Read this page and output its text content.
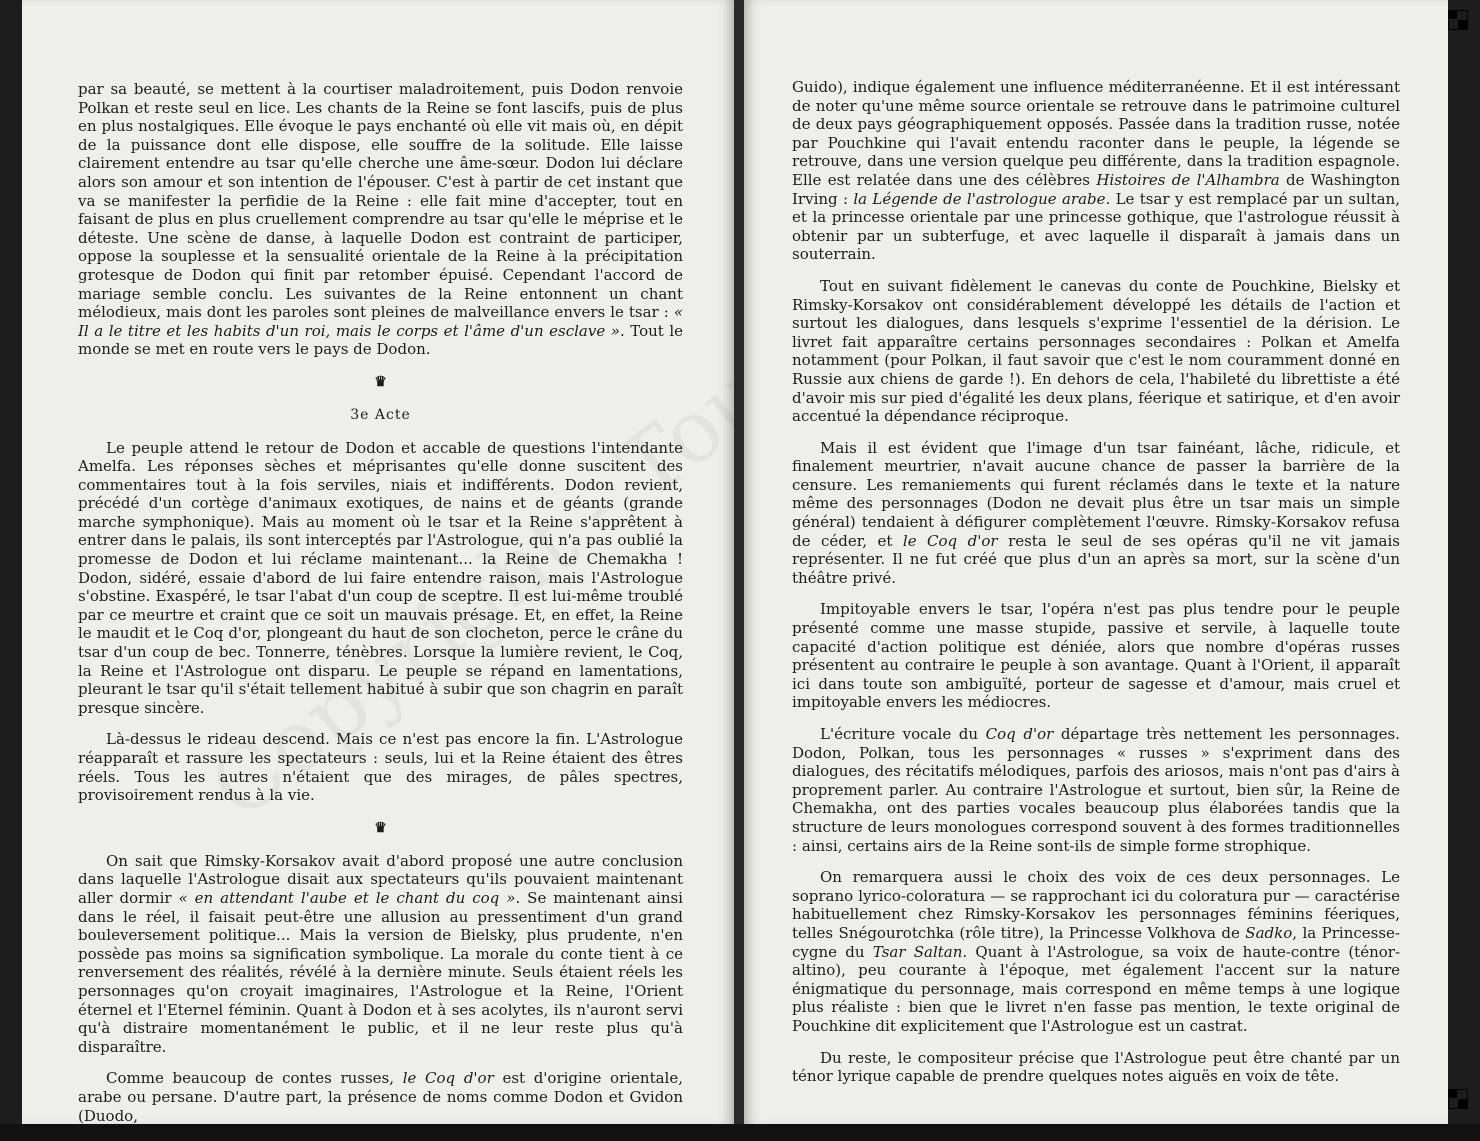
par sa beauté, se mettent à la courtiser maladroitement, puis Dodon renvoie Polkan et reste seul en lice. Les chants de la Reine se font lascifs, puis de plus en plus nostalgiques. Elle évoque le pays enchanté où elle vit mais où, en dépit de la puissance dont elle dispose, elle souffre de la solitude. Elle laisse clairement entendre au tsar qu'elle cherche une âme-sœur. Dodon lui déclare alors son amour et son intention de l'épouser. C'est à partir de cet instant que va se manifester la perfidie de la Reine : elle fait mine d'accepter, tout en faisant de plus en plus cruellement comprendre au tsar qu'elle le méprise et le déteste. Une scène de danse, à laquelle Dodon est contraint de participer, oppose la souplesse et la sensualité orientale de la Reine à la précipitation grotesque de Dodon qui finit par retomber épuisé. Cependant l'accord de mariage semble conclu. Les suivantes de la Reine entonnent un chant mélodieux, mais dont les paroles sont pleines de malveillance envers le tsar : « Il a le titre et les habits d'un roi, mais le corps et l'âme d'un esclave ». Tout le monde se met en route vers le pays de Dodon.

♛
3e Acte

Le peuple attend le retour de Dodon et accable de questions l'intendante Amelfa. Les réponses sèches et méprisantes qu'elle donne suscitent des commentaires tout à la fois serviles, niais et indifférents. Dodon revient, précédé d'un cortège d'animaux exotiques, de nains et de géants (grande marche symphonique). Mais au moment où le tsar et la Reine s'apprêtent à entrer dans le palais, ils sont interceptés par l'Astrologue, qui n'a pas oublié la promesse de Dodon et lui réclame maintenant... la Reine de Chemakha ! Dodon, sidéré, essaie d'abord de lui faire entendre raison, mais l'Astrologue s'obstine. Exaspéré, le tsar l'abat d'un coup de sceptre. Il est lui-même troublé par ce meurtre et craint que ce soit un mauvais présage. Et, en effet, la Reine le maudit et le Coq d'or, plongeant du haut de son clocheton, perce le crâne du tsar d'un coup de bec. Tonnerre, ténèbres. Lorsque la lumière revient, le Coq, la Reine et l'Astrologue ont disparu. Le peuple se répand en lamentations, pleurant le tsar qu'il s'était tellement habitué à subir que son chagrin en paraît presque sincère.

Là-dessus le rideau descend. Mais ce n'est pas encore la fin. L'Astrologue réapparaît et rassure les spectateurs : seuls, lui et la Reine étaient des êtres réels. Tous les autres n'étaient que des mirages, de pâles spectres, provisoirement rendus à la vie.

♛

On sait que Rimsky-Korsakov avait d'abord proposé une autre conclusion dans laquelle l'Astrologue disait aux spectateurs qu'ils pouvaient maintenant aller dormir « en attendant l'aube et le chant du coq ». Se maintenant ainsi dans le réel, il faisait peut-être une allusion au pressentiment d'un grand bouleversement politique... Mais la version de Bielsky, plus prudente, n'en possède pas moins sa signification symbolique. La morale du conte tient à ce renversement des réalités, révélé à la dernière minute. Seuls étaient réels les personnages qu'on croyait imaginaires, l'Astrologue et la Reine, l'Orient éternel et l'Eternel féminin. Quant à Dodon et à ses acolytes, ils n'auront servi qu'à distraire momentanément le public, et il ne leur reste plus qu'à disparaître.

Comme beaucoup de contes russes, le Coq d'or est d'origine orientale, arabe ou persane. D'autre part, la présence de noms comme Dodon et Gvidon (Duodo,

Guido), indique également une influence méditerranéenne. Et il est intéressant de noter qu'une même source orientale se retrouve dans le patrimoine culturel de deux pays géographiquement opposés. Passée dans la tradition russe, notée par Pouchkine qui l'avait entendu raconter dans le peuple, la légende se retrouve, dans une version quelque peu différente, dans la tradition espagnole. Elle est relatée dans une des célèbres Histoires de l'Alhambra de Washington Irving : la Légende de l'astrologue arabe. Le tsar y est remplacé par un sultan, et la princesse orientale par une princesse gothique, que l'astrologue réussit à obtenir par un subterfuge, et avec laquelle il disparaît à jamais dans un souterrain.

Tout en suivant fidèlement le canevas du conte de Pouchkine, Bielsky et Rimsky-Korsakov ont considérablement développé les détails de l'action et surtout les dialogues, dans lesquels s'exprime l'essentiel de la dérision. Le livret fait apparaître certains personnages secondaires : Polkan et Amelfa notamment (pour Polkan, il faut savoir que c'est le nom couramment donné en Russie aux chiens de garde !). En dehors de cela, l'habileté du librettiste a été d'avoir mis sur pied d'égalité les deux plans, féerique et satirique, et d'en avoir accentué la dépendance réciproque.

Mais il est évident que l'image d'un tsar fainéant, lâche, ridicule, et finalement meurtrier, n'avait aucune chance de passer la barrière de la censure. Les remaniements qui furent réclamés dans le texte et la nature même des personnages (Dodon ne devait plus être un tsar mais un simple général) tendaient à défigurer complètement l'œuvre. Rimsky-Korsakov refusa de céder, et le Coq d'or resta le seul de ses opéras qu'il ne vit jamais représenter. Il ne fut créé que plus d'un an après sa mort, sur la scène d'un théâtre privé.

Impitoyable envers le tsar, l'opéra n'est pas plus tendre pour le peuple présenté comme une masse stupide, passive et servile, à laquelle toute capacité d'action politique est déniée, alors que nombre d'opéras russes présentent au contraire le peuple à son avantage. Quant à l'Orient, il apparaît ici dans toute son ambiguïté, porteur de sagesse et d'amour, mais cruel et impitoyable envers les médiocres.

L'écriture vocale du Coq d'or départage très nettement les personnages. Dodon, Polkan, tous les personnages « russes » s'expriment dans des dialogues, des récitatifs mélodiques, parfois des ariosos, mais n'ont pas d'airs à proprement parler. Au contraire l'Astrologue et surtout, bien sûr, la Reine de Chemakha, ont des parties vocales beaucoup plus élaborées tandis que la structure de leurs monologues correspond souvent à des formes traditionnelles : ainsi, certains airs de la Reine sont-ils de simple forme strophique.

On remarquera aussi le choix des voix de ces deux personnages. Le soprano lyrico-coloratura — se rapprochant ici du coloratura pur — caractérise habituellement chez Rimsky-Korsakov les personnages féminins féeriques, telles Snégourotchka (rôle titre), la Princesse Volkhova de Sadko, la Princesse-cygne du Tsar Saltan. Quant à l'Astrologue, sa voix de haute-contre (ténor-altino), peu courante à l'époque, met également l'accent sur la nature énigmatique du personnage, mais correspond en même temps à une logique plus réaliste : bien que le livret n'en fasse pas mention, le texte original de Pouchkine dit explicitement que l'Astrologue est un castrat.

Du reste, le compositeur précise que l'Astrologue peut être chanté par un ténor lyrique capable de prendre quelques notes aiguës en voix de tête.
